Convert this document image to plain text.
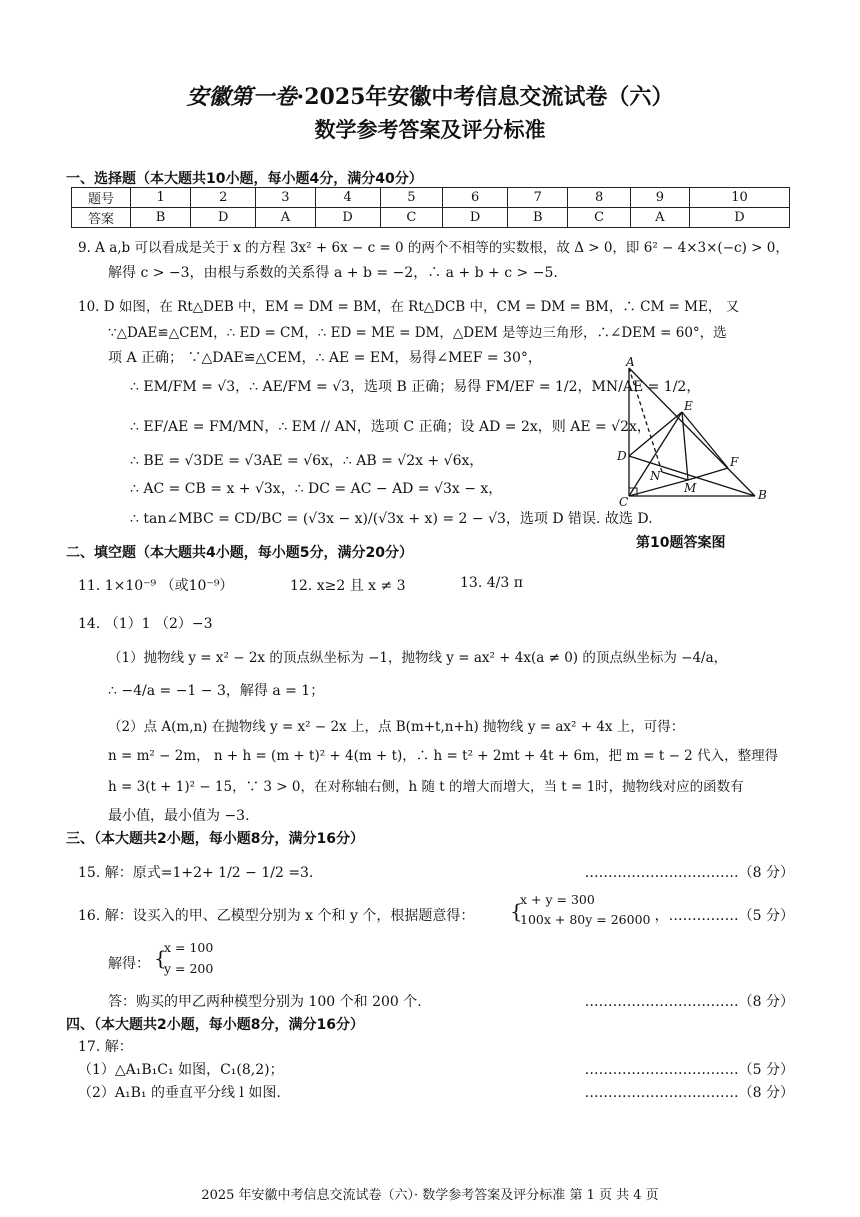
安徽第一卷·2025年安徽中考信息交流试卷（六）
数学参考答案及评分标准
一、选择题（本大题共10小题，每小题4分，满分40分）
题号	1	2	3	4	5	6	7	8	9	10
答案	B	D	A	D	C	D	B	C	A	D
9. A a,b 可以看成是关于 x 的方程 3x² + 6x − c = 0 的两个不相等的实数根，故 Δ > 0，即 6² − 4×3×(−c) > 0，
解得 c > −3，由根与系数的关系得 a + b = −2，∴ a + b + c > −5.
10. D 如图，在 Rt△DEB 中，EM = DM = BM，在 Rt△DCB 中，CM = DM = BM，∴ CM = ME， 又
∵△DAE≌△CEM，∴ ED = CM，∴ ED = ME = DM，△DEM 是等边三角形，∴∠DEM = 60°，选
项 A 正确； ∵△DAE≌△CEM，∴ AE = EM，易得∠MEF = 30°，
∴ EM/FM = √3，∴ AE/FM = √3，选项 B 正确；易得 FM/EF = 1/2，MN/AE = 1/2，
∴ EF/AE = FM/MN，∴ EM // AN，选项 C 正确；设 AD = 2x，则 AE = √2x，
∴ BE = √3DE = √3AE = √6x，∴ AB = √2x + √6x，
∴ AC = CB = x + √3x，∴ DC = AC − AD = √3x − x，
∴ tan∠MBC = CD/BC = (√3x − x)/(√3x + x) = 2 − √3，选项 D 错误. 故选 D.
A
E
D
N
M
F
C	B
第10题答案图
二、填空题（本大题共4小题，每小题5分，满分20分）
11. 1×10⁻⁹ （或10⁻⁹）	12. x≥2 且 x ≠ 3	13. 4/3 π
14. （1）1 （2）−3
（1）抛物线 y = x² − 2x 的顶点纵坐标为 −1，抛物线 y = ax² + 4x(a ≠ 0) 的顶点纵坐标为 −4/a，
∴ −4/a = −1 − 3，解得 a = 1；
（2）点 A(m,n) 在抛物线 y = x² − 2x 上，点 B(m+t,n+h) 抛物线 y = ax² + 4x 上，可得：
n = m² − 2m， n + h = (m + t)² + 4(m + t)，∴ h = t² + 2mt + 4t + 6m，把 m = t − 2 代入，整理得
h = 3(t + 1)² − 15，∵ 3 > 0，在对称轴右侧，h 随 t 的增大而增大，当 t = 1时，抛物线对应的函数有
最小值，最小值为 −3.
三、（本大题共2小题，每小题8分，满分16分）
15. 解：原式=1+2+ 1/2 − 1/2 =3.	……………………………（8 分）
16. 解：设买入的甲、乙模型分别为 x 个和 y 个，根据题意得： {
x + y = 300
100x + 80y = 26000 ，……………（5 分）
解得： {
x = 100
y = 200
答：购买的甲乙两种模型分别为 100 个和 200 个.	……………………………（8 分）
四、（本大题共2小题，每小题8分，满分16分）
17. 解：
（1）△A₁B₁C₁ 如图，C₁(8,2)；	……………………………（5 分）
（2）A₁B₁ 的垂直平分线 l 如图.	……………………………（8 分）
2025 年安徽中考信息交流试卷（六）· 数学参考答案及评分标准 第 1 页 共 4 页
